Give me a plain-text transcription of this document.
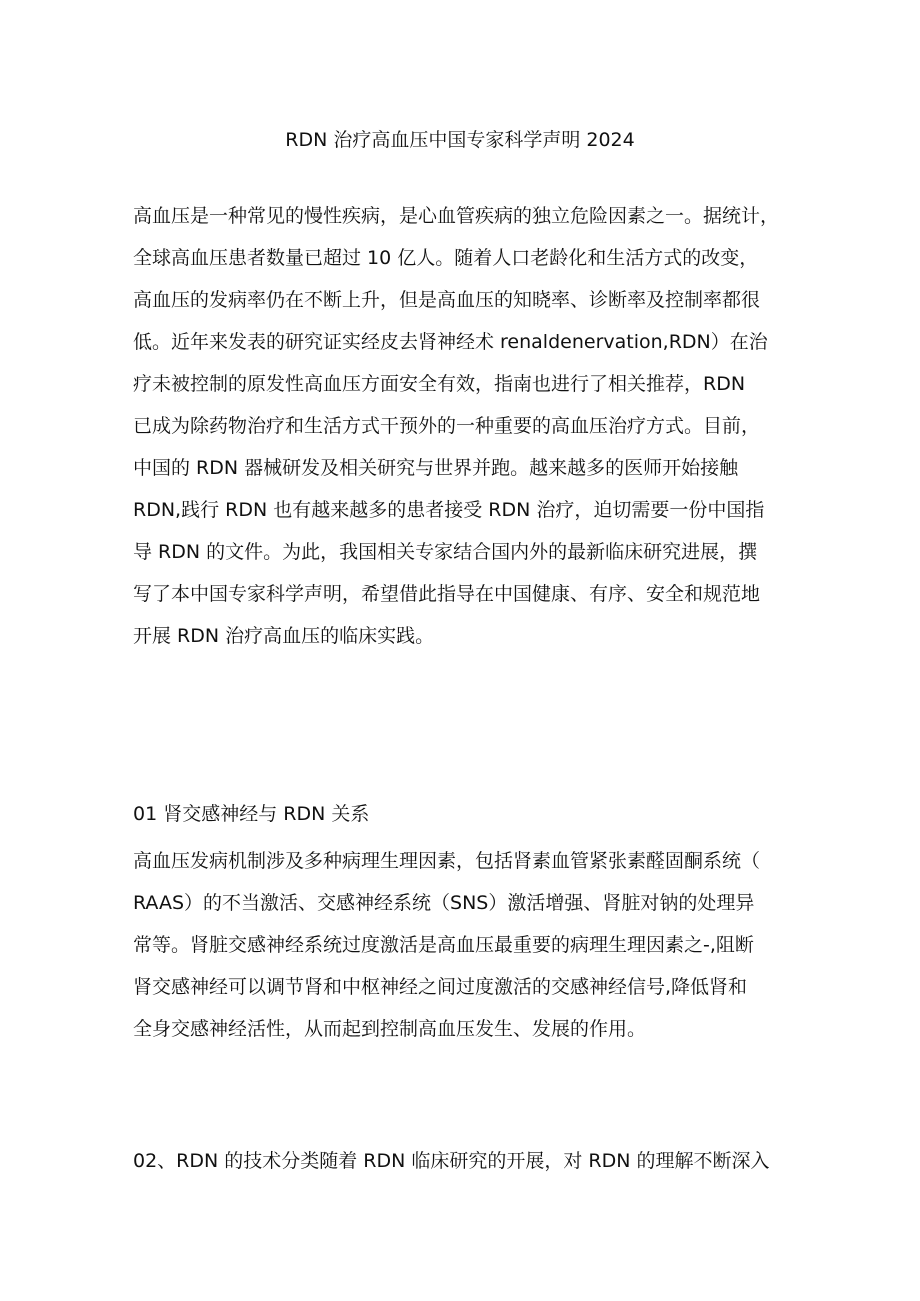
RDN 治疗高血压中国专家科学声明 2024
高血压是一种常见的慢性疾病，是心血管疾病的独立危险因素之一。据统计，
全球高血压患者数量已超过 10 亿人。随着人口老龄化和生活方式的改变，
高血压的发病率仍在不断上升，但是高血压的知晓率、诊断率及控制率都很
低。近年来发表的研究证实经皮去肾神经术 renaldenervation,RDN）在治
疗未被控制的原发性高血压方面安全有效，指南也进行了相关推荐，RDN
已成为除药物治疗和生活方式干预外的一种重要的高血压治疗方式。目前，
中国的 RDN 器械研发及相关研究与世界并跑。越来越多的医师开始接触
RDN,践行 RDN 也有越来越多的患者接受 RDN 治疗，迫切需要一份中国指
导 RDN 的文件。为此，我国相关专家结合国内外的最新临床研究进展，撰
写了本中国专家科学声明，希望借此指导在中国健康、有序、安全和规范地
开展 RDN 治疗高血压的临床实践。
01 肾交感神经与 RDN 关系
高血压发病机制涉及多种病理生理因素，包括肾素血管紧张素醛固酮系统（
RAAS）的不当激活、交感神经系统（SNS）激活增强、肾脏对钠的处理异
常等。肾脏交感神经系统过度激活是高血压最重要的病理生理因素之-,阻断
肾交感神经可以调节肾和中枢神经之间过度激活的交感神经信号,降低肾和
全身交感神经活性，从而起到控制高血压发生、发展的作用。
02、RDN 的技术分类随着 RDN 临床研究的开展，对 RDN 的理解不断深入
